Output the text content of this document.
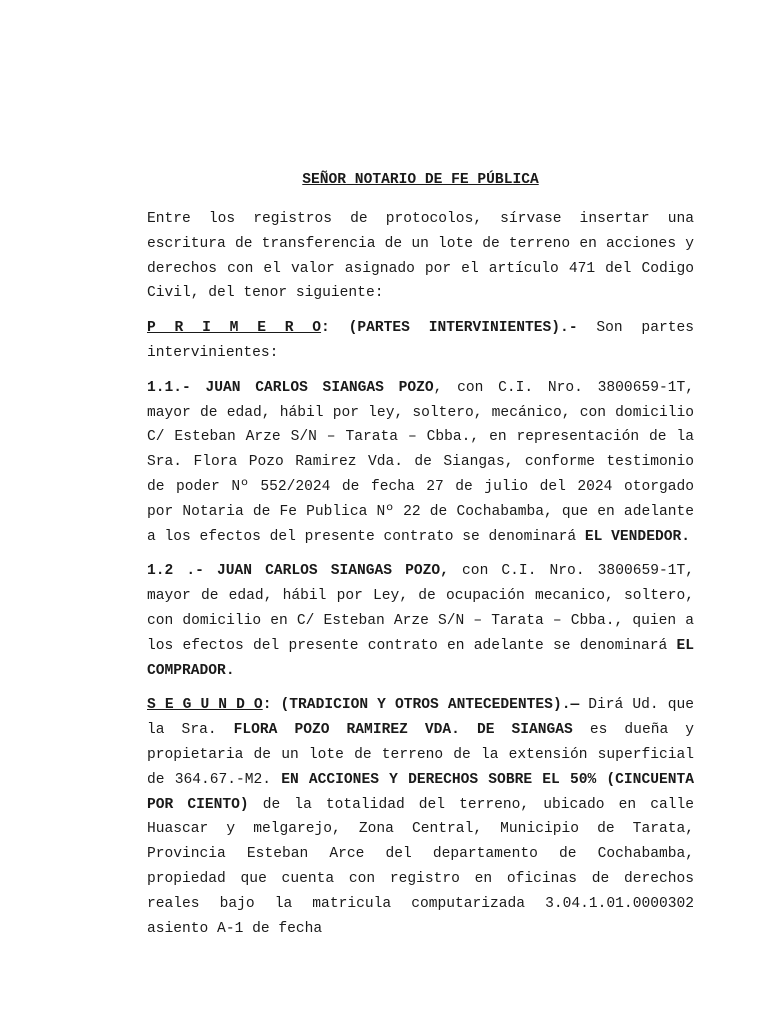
SEÑOR NOTARIO DE FE PÚBLICA

Entre los registros de protocolos, sírvase insertar una escritura de transferencia de un lote de terreno en acciones y derechos con el valor asignado por el artículo 471 del Codigo Civil, del tenor siguiente:

P R I M E R O: (PARTES INTERVINIENTES).- Son partes intervinientes:

1.1.- JUAN CARLOS SIANGAS POZO, con C.I. Nro. 3800659-1T, mayor de edad, hábil por ley, soltero, mecánico, con domicilio C/ Esteban Arze S/N – Tarata – Cbba., en representación de la Sra. Flora Pozo Ramirez Vda. de Siangas, conforme testimonio de poder Nº 552/2024 de fecha 27 de julio del 2024 otorgado por Notaria de Fe Publica Nº 22 de Cochabamba, que en adelante a los efectos del presente contrato se denominará EL VENDEDOR.

1.2 .- JUAN CARLOS SIANGAS POZO, con C.I. Nro. 3800659-1T, mayor de edad, hábil por Ley, de ocupación mecanico, soltero, con domicilio en C/ Esteban Arze S/N – Tarata – Cbba., quien a los efectos del presente contrato en adelante se denominará EL COMPRADOR.

S E G U N D O: (TRADICION Y OTROS ANTECEDENTES).— Dirá Ud. que la Sra. FLORA POZO RAMIREZ VDA. DE SIANGAS es dueña y propietaria de un lote de terreno de la extensión superficial de 364.67.-M2. EN ACCIONES Y DERECHOS SOBRE EL 50% (CINCUENTA POR CIENTO) de la totalidad del terreno, ubicado en calle Huascar y melgarejo, Zona Central, Municipio de Tarata, Provincia Esteban Arce del departamento de Cochabamba, propiedad que cuenta con registro en oficinas de derechos reales bajo la matricula computarizada 3.04.1.01.0000302 asiento A-1 de fecha
